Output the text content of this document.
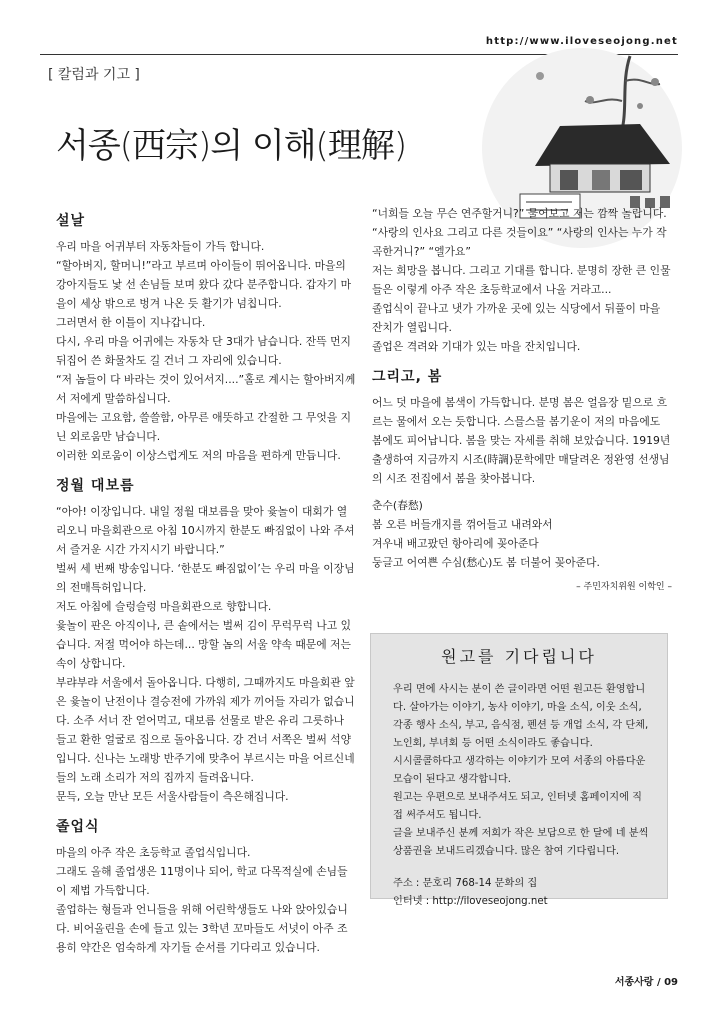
http://www.iloveseojong.net
[ 칼럼과 기고 ]
서종(西宗)의 이해(理解)
설날

우리 마을 어귀부터 자동차들이 가득 합니다.

“할아버지, 할머니!”라고 부르며 아이들이 뛰어옵니다. 마을의 강아지들도 낯 선 손님들 보며 왔다 갔다 분주합니다. 갑자기 마을이 세상 밖으로 벙겨 나온 듯 활기가 넘칩니다.

그러면서 한 이틀이 지나갑니다.

다시, 우리 마을 어귀에는 자동차 단 3대가 남습니다. 잔뜩 먼지 뒤집어 쓴 화물차도 길 건너 그 자리에 있습니다.

“저 놈들이 다 바라는 것이 있어서지....”홀로 계시는 할아버지께서 저에게 말씀하십니다.

마을에는 고요함, 쓸쓸함, 아무른 애뜻하고 간절한 그 무엇을 지닌 외로움만 남습니다.

이러한 외로움이 이상스럽게도 저의 마음을 편하게 만듭니다.

정월 대보름

“아아! 이장입니다. 내일 정월 대보름을 맞아 윷놀이 대회가 열리오니 마을회관으로 아침 10시까지 한분도 빠짐없이 나와 주셔서 즐거운 시간 가지시기 바랍니다.”

벌써 세 번째 방송입니다. ‘한분도 빠짐없이’는 우리 마을 이장님의 전매특허입니다.

저도 아침에 슬렁슬렁 마을회관으로 향합니다.

윷놀이 판은 아직이나, 큰 솥에서는 벌써 김이 무럭무럭 나고 있습니다. 저절 먹어야 하는데... 망할 놈의 서울 약속 때문에 저는 속이 상합니다.

부랴부랴 서울에서 돌아옵니다. 다행히, 그때까지도 마을회관 앞은 윷놀이 난전이나 결승전에 가까워 제가 끼어들 자리가 없습니다. 소주 서너 잔 얻어먹고, 대보름 선물로 받은 유리 그릇하나 들고 환한 얼굴로 집으로 돌아옵니다. 강 건너 서쪽은 벌써 석양입니다. 신나는 노래방 반주기에 맞추어 부르시는 마을 어르신네들의 노래 소리가 저의 집까지 들려옵니다.

문득, 오늘 만난 모든 서울사람들이 측은해집니다.

졸업식

마을의 아주 작은 초등학교 졸업식입니다.

그래도 올해 졸업생은 11명이나 되어, 학교 다목적실에 손님들이 제법 가득합니다.

졸업하는 형들과 언니들을 위해 어린학생들도 나와 앉아있습니다. 비어올린을 손에 들고 있는 3학년 꼬마들도 서넛이 아주 조용히 약간은 엄숙하게 자기들 순서를 기다리고 있습니다.

“너희들 오늘 무슨 연주할거니?” 물어보고 저는 깜짝 놀랍니다.

“사랑의 인사요 그리고 다른 것들이요” “사랑의 인사는 누가 작곡한거니?” “엘가요”

저는 희망을 봅니다. 그리고 기대를 합니다. 분명히 장한 큰 인물들은 이렇게 아주 작은 초등학교에서 나올 거라고...

졸업식이 끝나고 냇가 가까운 곳에 있는 식당에서 뒤풀이 마을 잔치가 열립니다.

졸업은 격려와 기대가 있는 마을 잔치입니다.

그리고, 봄

어느 덧 마을에 봄색이 가득합니다. 분명 봄은 얼음장 밑으로 흐르는 물에서 오는 듯합니다. 스믈스믈 봄기운이 저의 마음에도 봄에도 피어납니다. 봄을 맞는 자세를 취해 보았습니다. 1919년 출생하여 지금까지 시조(時調)문학에만 매달려온 정완영 선생님의 시조 전집에서 봄을 찾아봅니다.

춘수(春愁)

봄 오른 버들개지를 꺾어들고 내려와서

겨우내 배고팠던 항아리에 꽂아준다

둥글고 어여쁜 수심(愁心)도 봄 더불어 꽂아준다.

– 주민자치위원 이학인 –
원고를 기다립니다

우리 면에 사시는 분이 쓴 글이라면 어떤 원고든 환영합니다. 살아가는 이야기, 농사 이야기, 마을 소식, 이웃 소식, 각종 행사 소식, 부고, 음식점, 펜션 등 개업 소식, 각 단체, 노인회, 부녀회 등 어떤 소식이라도 좋습니다.

시시콜콜하다고 생각하는 이야기가 모여 서종의 아름다운 모습이 된다고 생각합니다.

원고는 우편으로 보내주셔도 되고, 인터넷 홈페이지에 직접 써주셔도 됩니다.

글을 보내주신 분께 저희가 작은 보답으로 한 달에 네 분씩 상품권을 보내드리겠습니다. 많은 참여 기다립니다.

주소 : 문호리 768-14 문화의 집

인터넷 : http://iloveseojong.net

서종사랑 / 09
